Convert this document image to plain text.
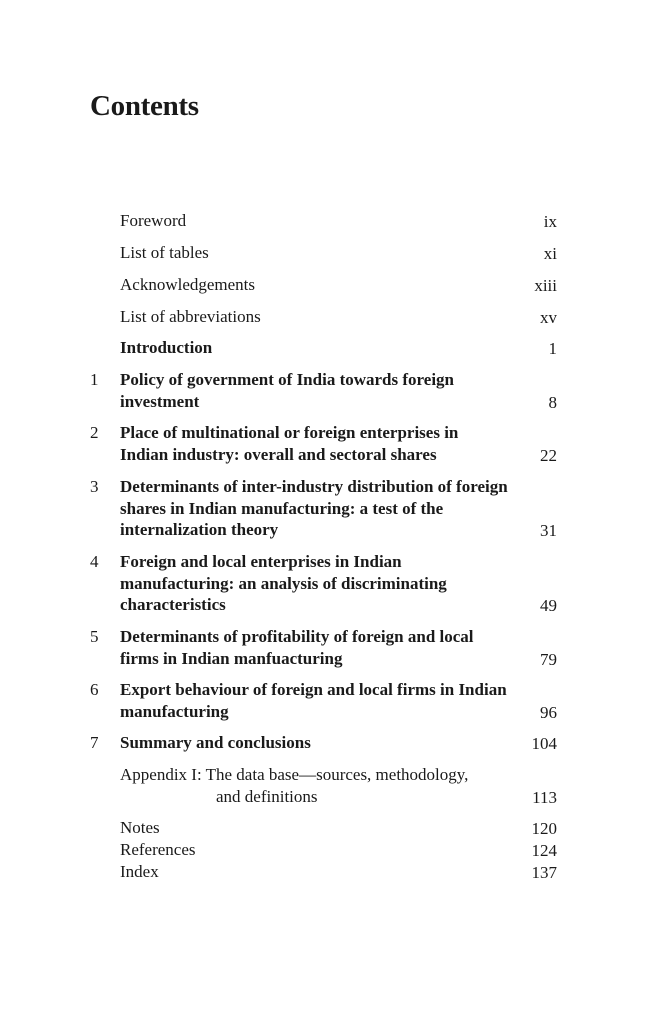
Contents
Foreword	ix
List of tables	xi
Acknowledgements	xiii
List of abbreviations	xv
Introduction	1
1 Policy of government of India towards foreign investment	8
2 Place of multinational or foreign enterprises in Indian industry: overall and sectoral shares	22
3 Determinants of inter-industry distribution of foreign shares in Indian manufacturing: a test of the internalization theory	31
4 Foreign and local enterprises in Indian manufacturing: an analysis of discriminating characteristics	49
5 Determinants of profitability of foreign and local firms in Indian manfuacturing	79
6 Export behaviour of foreign and local firms in Indian manufacturing	96
7 Summary and conclusions	104
Appendix I: The data base—sources, methodology,
and definitions	113
Notes	120
References	124
Index	137
